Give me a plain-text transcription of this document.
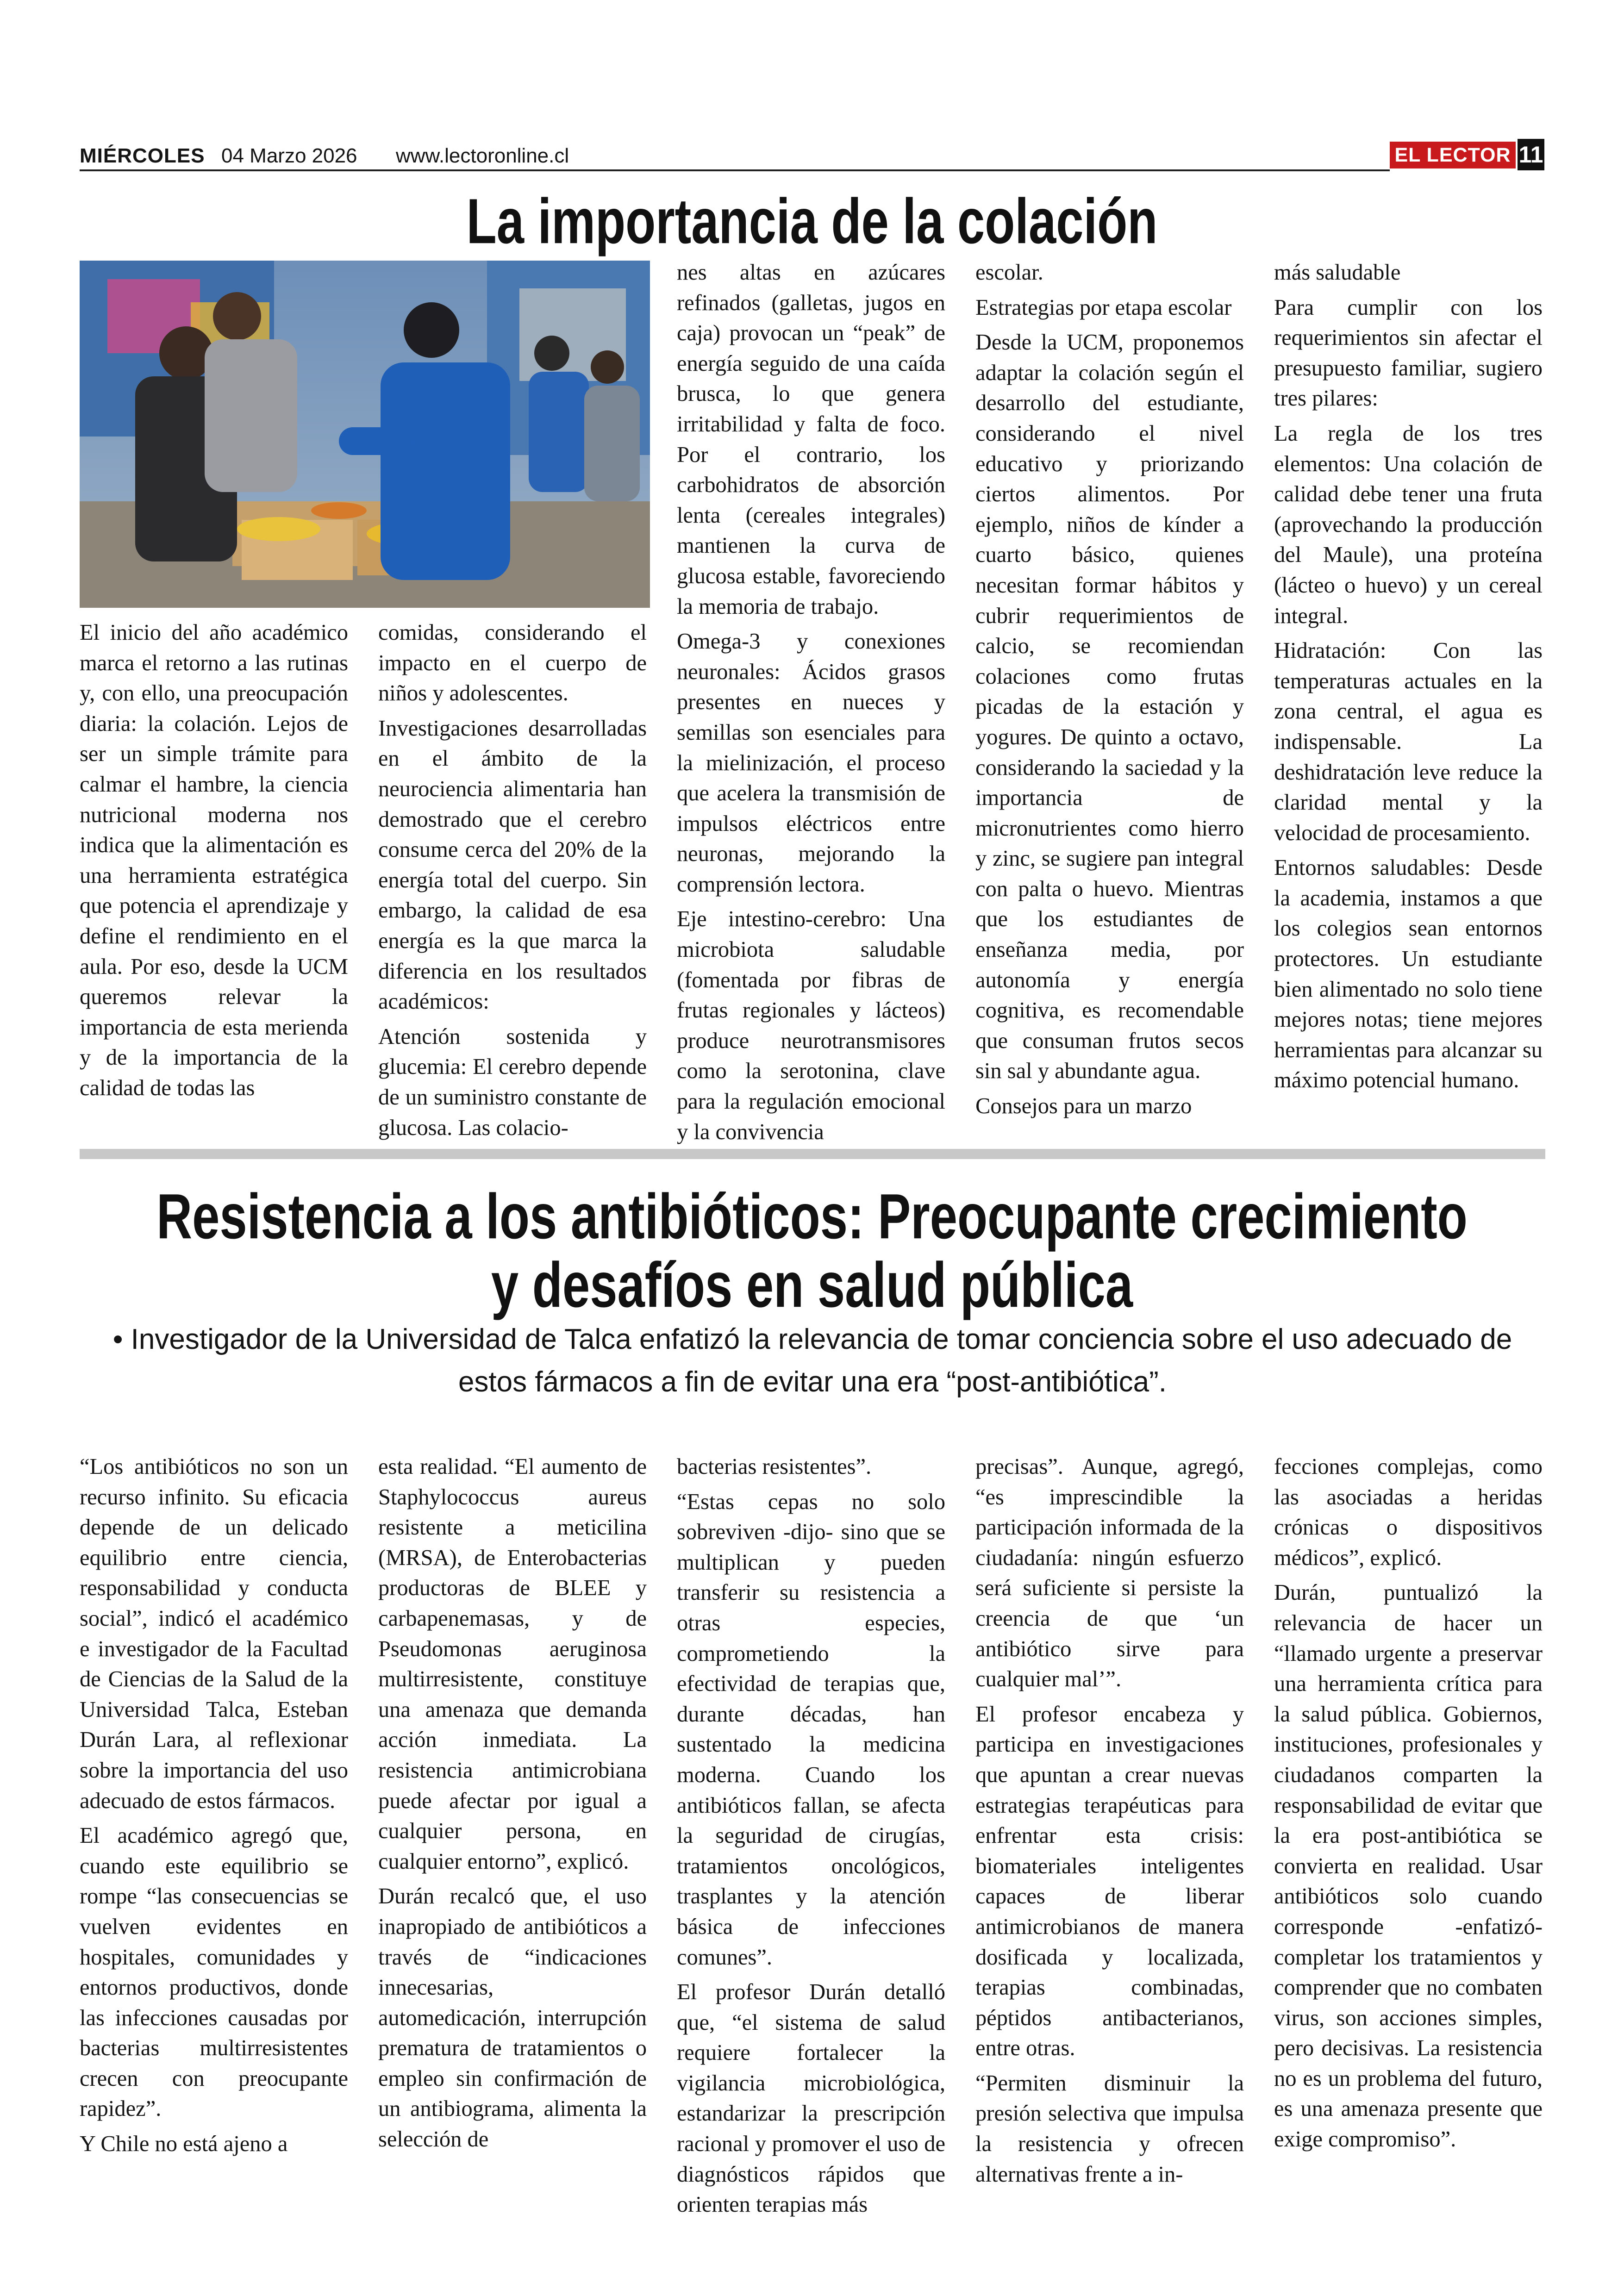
MIÉRCOLES 04 Marzo 2026 www.lectoronline.cl	EL LECTOR 11
La importancia de la colación

El inicio del año académico marca el retorno a las rutinas y, con ello, una preocupación diaria: la colación. Lejos de ser un simple trámite para calmar el hambre, la ciencia nutricional moderna nos indica que la alimentación es una herramienta estratégica que potencia el aprendizaje y define el rendimiento en el aula. Por eso, desde la UCM queremos relevar la importancia de esta merienda y de la importancia de la calidad de todas las

comidas, considerando el impacto en el cuerpo de niños y adolescentes.

Investigaciones desarrolladas en el ámbito de la neurociencia alimentaria han demostrado que el cerebro consume cerca del 20% de la energía total del cuerpo. Sin embargo, la calidad de esa energía es la que marca la diferencia en los resultados académicos:

Atención sostenida y glucemia: El cerebro depende de un suministro constante de glucosa. Las colacio-

nes altas en azúcares refinados (galletas, jugos en caja) provocan un “peak” de energía seguido de una caída brusca, lo que genera irritabilidad y falta de foco. Por el contrario, los carbohidratos de absorción lenta (cereales integrales) mantienen la curva de glucosa estable, favoreciendo la memoria de trabajo.

Omega-3 y conexiones neuronales: Ácidos grasos presentes en nueces y semillas son esenciales para la mielinización, el proceso que acelera la transmisión de impulsos eléctricos entre neuronas, mejorando la comprensión lectora.

Eje intestino-cerebro: Una microbiota saludable (fomentada por fibras de frutas regionales y lácteos) produce neurotransmisores como la serotonina, clave para la regulación emocional y la convivencia

escolar.

Estrategias por etapa escolar

Desde la UCM, proponemos adaptar la colación según el desarrollo del estudiante, considerando el nivel educativo y priorizando ciertos alimentos. Por ejemplo, niños de kínder a cuarto básico, quienes necesitan formar hábitos y cubrir requerimientos de calcio, se recomiendan colaciones como frutas picadas de la estación y yogures. De quinto a octavo, considerando la saciedad y la importancia de micronutrientes como hierro y zinc, se sugiere pan integral con palta o huevo. Mientras que los estudiantes de enseñanza media, por autonomía y energía cognitiva, es recomendable que consuman frutos secos sin sal y abundante agua.

Consejos para un marzo

más saludable

Para cumplir con los requerimientos sin afectar el presupuesto familiar, sugiero tres pilares:

La regla de los tres elementos: Una colación de calidad debe tener una fruta (aprovechando la producción del Maule), una proteína (lácteo o huevo) y un cereal integral.

Hidratación: Con las temperaturas actuales en la zona central, el agua es indispensable. La deshidratación leve reduce la claridad mental y la velocidad de procesamiento.

Entornos saludables: Desde la academia, instamos a que los colegios sean entornos protectores. Un estudiante bien alimentado no solo tiene mejores notas; tiene mejores herramientas para alcanzar su máximo potencial humano.

Resistencia a los antibióticos: Preocupante crecimiento
y desafíos en salud pública
• Investigador de la Universidad de Talca enfatizó la relevancia de tomar conciencia sobre el uso adecuado de estos fármacos a fin de evitar una era “post-antibiótica”.

“Los antibióticos no son un recurso infinito. Su eficacia depende de un delicado equilibrio entre ciencia, responsabilidad y conducta social”, indicó el académico e investigador de la Facultad de Ciencias de la Salud de la Universidad Talca, Esteban Durán Lara, al reflexionar sobre la importancia del uso adecuado de estos fármacos.

El académico agregó que, cuando este equilibrio se rompe “las consecuencias se vuelven evidentes en hospitales, comunidades y entornos productivos, donde las infecciones causadas por bacterias multirresistentes crecen con preocupante rapidez”.

Y Chile no está ajeno a

esta realidad. “El aumento de Staphylococcus aureus resistente a meticilina (MRSA), de Enterobacterias productoras de BLEE y carbapenemasas, y de Pseudomonas aeruginosa multirresistente, constituye una amenaza que demanda acción inmediata. La resistencia antimicrobiana puede afectar por igual a cualquier persona, en cualquier entorno”, explicó.

Durán recalcó que, el uso inapropiado de antibióticos a través de “indicaciones innecesarias, automedicación, interrupción prematura de tratamientos o empleo sin confirmación de un antibiograma, alimenta la selección de

bacterias resistentes”.

“Estas cepas no solo sobreviven -dijo- sino que se multiplican y pueden transferir su resistencia a otras especies, comprometiendo la efectividad de terapias que, durante décadas, han sustentado la medicina moderna. Cuando los antibióticos fallan, se afecta la seguridad de cirugías, tratamientos oncológicos, trasplantes y la atención básica de infecciones comunes”.

El profesor Durán detalló que, “el sistema de salud requiere fortalecer la vigilancia microbiológica, estandarizar la prescripción racional y promover el uso de diagnósticos rápidos que orienten terapias más

precisas”. Aunque, agregó, “es imprescindible la participación informada de la ciudadanía: ningún esfuerzo será suficiente si persiste la creencia de que ‘un antibiótico sirve para cualquier mal’”.

El profesor encabeza y participa en investigaciones que apuntan a crear nuevas estrategias terapéuticas para enfrentar esta crisis: biomateriales inteligentes capaces de liberar antimicrobianos de manera dosificada y localizada, terapias combinadas, péptidos antibacterianos, entre otras.

“Permiten disminuir la presión selectiva que impulsa la resistencia y ofrecen alternativas frente a in-

fecciones complejas, como las asociadas a heridas crónicas o dispositivos médicos”, explicó.

Durán, puntualizó la relevancia de hacer un “llamado urgente a preservar una herramienta crítica para la salud pública. Gobiernos, instituciones, profesionales y ciudadanos comparten la responsabilidad de evitar que la era post-antibiótica se convierta en realidad. Usar antibióticos solo cuando corresponde -enfatizó- completar los tratamientos y comprender que no combaten virus, son acciones simples, pero decisivas. La resistencia no es un problema del futuro, es una amenaza presente que exige compromiso”.
